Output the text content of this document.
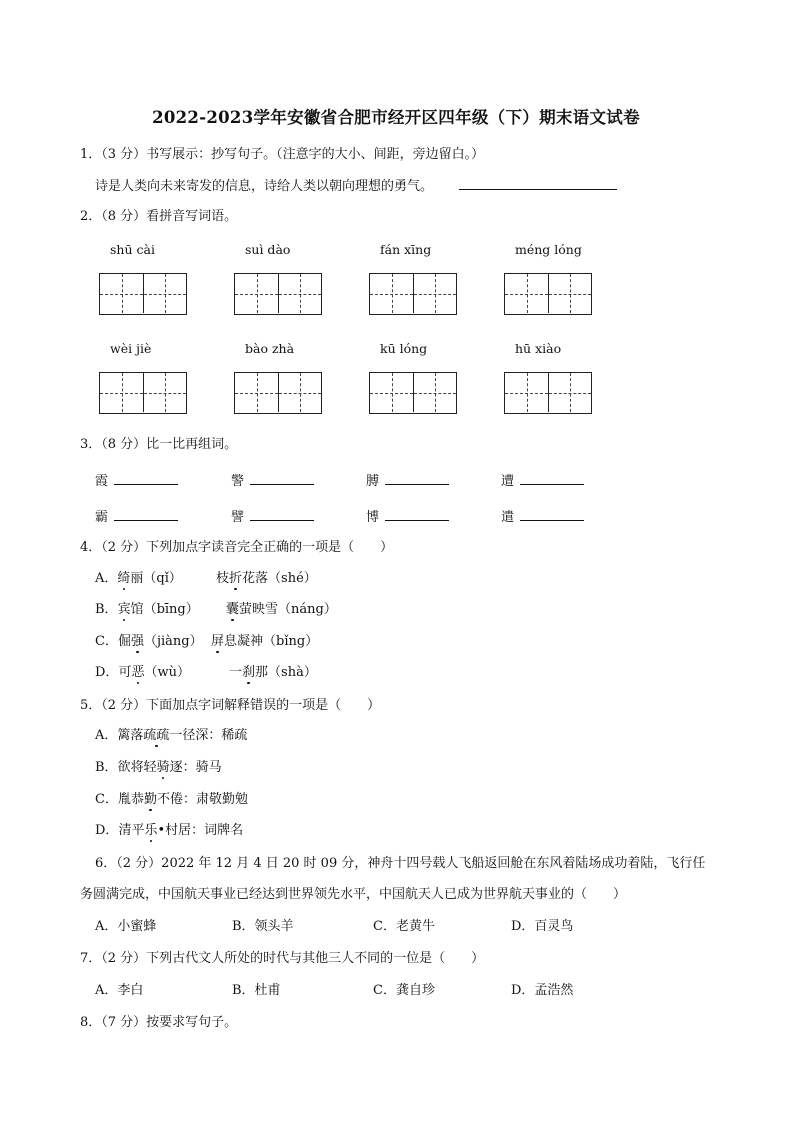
2022-2023学年安徽省合肥市经开区四年级（下）期末语文试卷
1．（3 分）书写展示：抄写句子。（注意字的大小、间距，旁边留白。）
诗是人类向未来寄发的信息，诗给人类以朝向理想的勇气。
2．（8 分）看拼音写词语。
shū cài	suì dào	fán xīng	méng lóng
wèi jiè	bào zhà	kū lóng	hū xiào
3．（8 分）比一比再组词。
霞	警	膊	遭
霸	譬	博	遣
4．（2 分）下列加点字读音完全正确的一项是（　　）
A．绮丽（qǐ）	枝折花落（shé）
B．宾馆（bīng） 囊萤映雪（náng）
C．倔强（jiàng） 屏息凝神（bǐng）
D．可恶（wù）	一刹那（shà）
5．（2 分）下面加点字词解释错误的一项是（　　）
A．篱落疏疏一径深：稀疏
B．欲将轻骑逐：骑马
C．胤恭勤不倦：肃敬勤勉
D．清平乐•村居：词牌名
6．（2 分）2022 年 12 月 4 日 20 时 09 分，神舟十四号载人飞船返回舱在东风着陆场成功着陆，飞行任
务圆满完成，中国航天事业已经达到世界领先水平，中国航天人已成为世界航天事业的（　　）
A．小蜜蜂	B．领头羊	C．老黄牛	D．百灵鸟
7．（2 分）下列古代文人所处的时代与其他三人不同的一位是（　　）
A．李白	B．杜甫	C．龚自珍	D．孟浩然
8．（7 分）按要求写句子。
